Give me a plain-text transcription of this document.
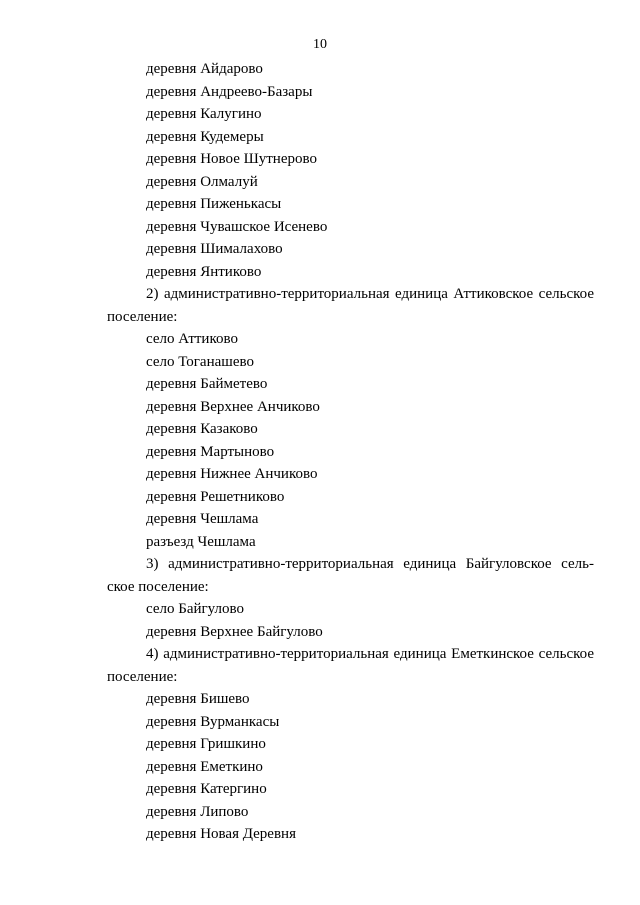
10
деревня Айдарово
деревня Андреево-Базары
деревня Калугино
деревня Кудемеры
деревня Новое Шутнерово
деревня Олмалуй
деревня Пиженькасы
деревня Чувашское Исенево
деревня Шималахово
деревня Янтиково
2) административно-территориальная единица Аттиковское сельское
поселение:
село Аттиково
село Тоганашево
деревня Байметево
деревня Верхнее Анчиково
деревня Казаково
деревня Мартыново
деревня Нижнее Анчиково
деревня Решетниково
деревня Чешлама
разъезд Чешлама
3) административно-территориальная единица Байгуловское сель-
ское поселение:
село Байгулово
деревня Верхнее Байгулово
4) административно-территориальная единица Еметкинское сельское
поселение:
деревня Бишево
деревня Вурманкасы
деревня Гришкино
деревня Еметкино
деревня Катергино
деревня Липово
деревня Новая Деревня
